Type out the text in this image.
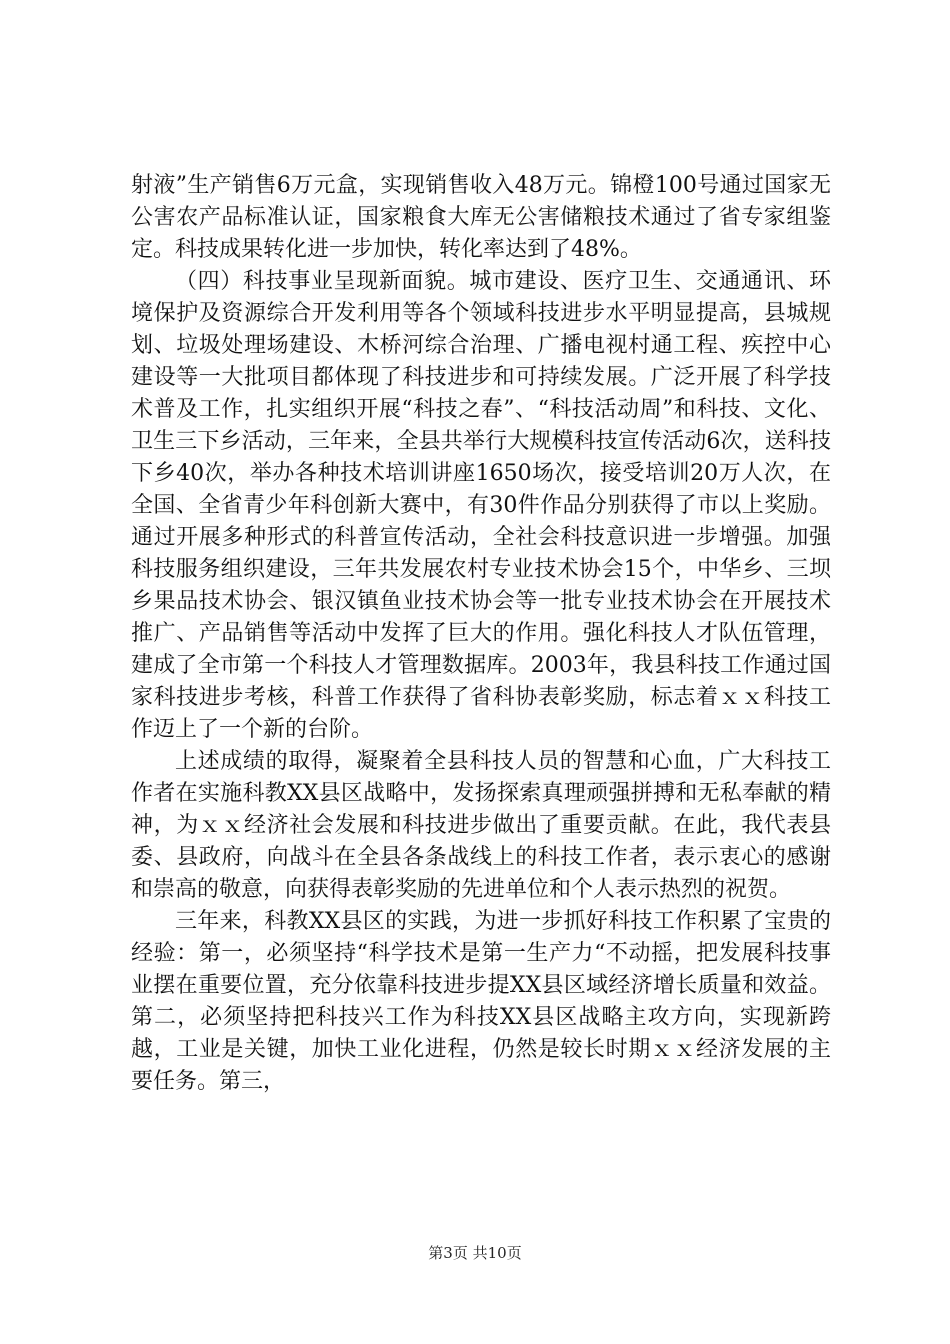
射液”生产销售6万元盒，实现销售收入48万元。锦橙100号通过国家无公害农产品标准认证，国家粮食大库无公害储粮技术通过了省专家组鉴定。科技成果转化进一步加快，转化率达到了48%。

（四）科技事业呈现新面貌。城市建设、医疗卫生、交通通讯、环境保护及资源综合开发利用等各个领域科技进步水平明显提高，县城规划、垃圾处理场建设、木桥河综合治理、广播电视村通工程、疾控中心建设等一大批项目都体现了科技进步和可持续发展。广泛开展了科学技术普及工作，扎实组织开展“科技之春”、“科技活动周”和科技、文化、卫生三下乡活动，三年来，全县共举行大规模科技宣传活动6次，送科技下乡40次，举办各种技术培训讲座1650场次，接受培训20万人次，在全国、全省青少年科创新大赛中，有30件作品分别获得了市以上奖励。通过开展多种形式的科普宣传活动，全社会科技意识进一步增强。加强科技服务组织建设，三年共发展农村专业技术协会15个，中华乡、三坝乡果品技术协会、银汉镇鱼业技术协会等一批专业技术协会在开展技术推广、产品销售等活动中发挥了巨大的作用。强化科技人才队伍管理，建成了全市第一个科技人才管理数据库。2003年，我县科技工作通过国家科技进步考核，科普工作获得了省科协表彰奖励，标志着ｘｘ科技工作迈上了一个新的台阶。

上述成绩的取得，凝聚着全县科技人员的智慧和心血，广大科技工作者在实施科教XX县区战略中，发扬探索真理顽强拼搏和无私奉献的精神，为ｘｘ经济社会发展和科技进步做出了重要贡献。在此，我代表县委、县政府，向战斗在全县各条战线上的科技工作者，表示衷心的感谢和崇高的敬意，向获得表彰奖励的先进单位和个人表示热烈的祝贺。

三年来，科教XX县区的实践，为进一步抓好科技工作积累了宝贵的经验：第一，必须坚持“科学技术是第一生产力“不动摇，把发展科技事业摆在重要位置，充分依靠科技进步提XX县区域经济增长质量和效益。第二，必须坚持把科技兴工作为科技XX县区战略主攻方向，实现新跨越，工业是关键，加快工业化进程，仍然是较长时期ｘｘ经济发展的主要任务。第三，

第3页 共10页
